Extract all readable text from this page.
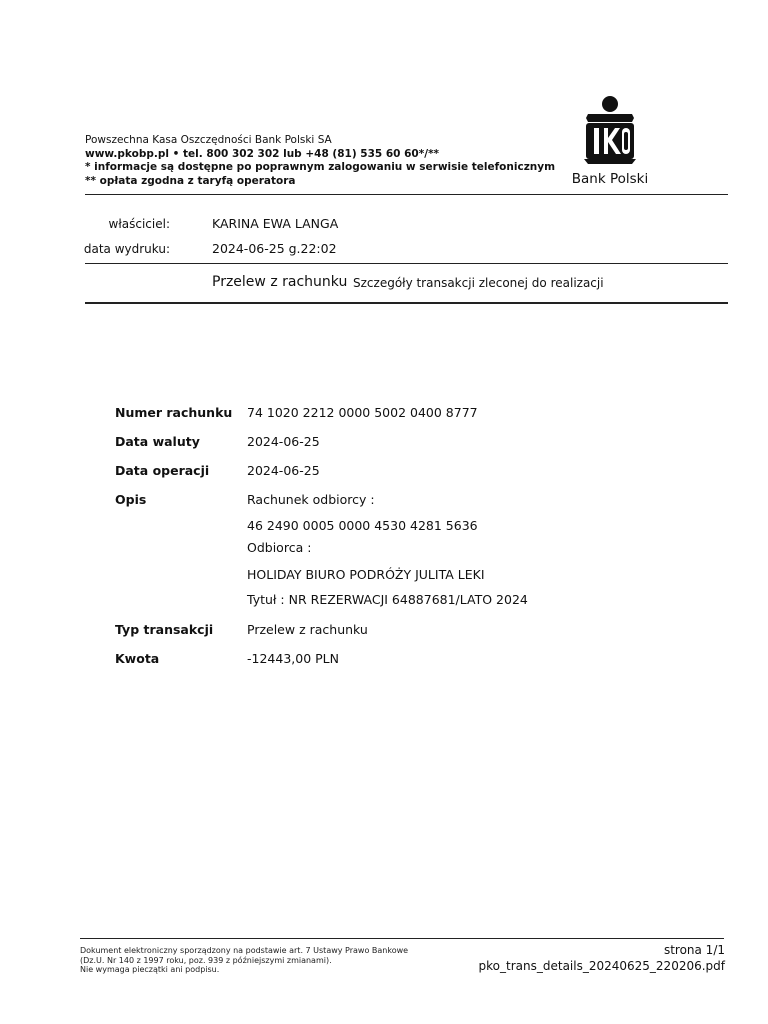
Powszechna Kasa Oszczędności Bank Polski SA
www.pkobp.pl • tel. 800 302 302 lub +48 (81) 535 60 60*/**
* informacje są dostępne po poprawnym zalogowaniu w serwisie telefonicznym
** opłata zgodna z taryfą operatora	Bank Polski
właściciel:	KARINA EWA LANGA
data wydruku:	2024-06-25 g.22:02
Przelew z rachunku Szczegóły transakcji zleconej do realizacji
Numer rachunku 74 1020 2212 0000 5002 0400 8777
Data waluty	2024-06-25
Data operacji	2024-06-25
Opis	Rachunek odbiorcy :
46 2490 0005 0000 4530 4281 5636
Odbiorca :
HOLIDAY BIURO PODRÓŻY JULITA LEKI
Tytuł : NR REZERWACJI 64887681/LATO 2024
Typ transakcji	Przelew z rachunku
Kwota	-12443,00 PLN
Dokument elektroniczny sporządzony na podstawie art. 7 Ustawy Prawo Bankowe
(Dz.U. Nr 140 z 1997 roku, poz. 939 z późniejszymi zmianami).
Nie wymaga pieczątki ani podpisu.
strona 1/1
pko_trans_details_20240625_220206.pdf
